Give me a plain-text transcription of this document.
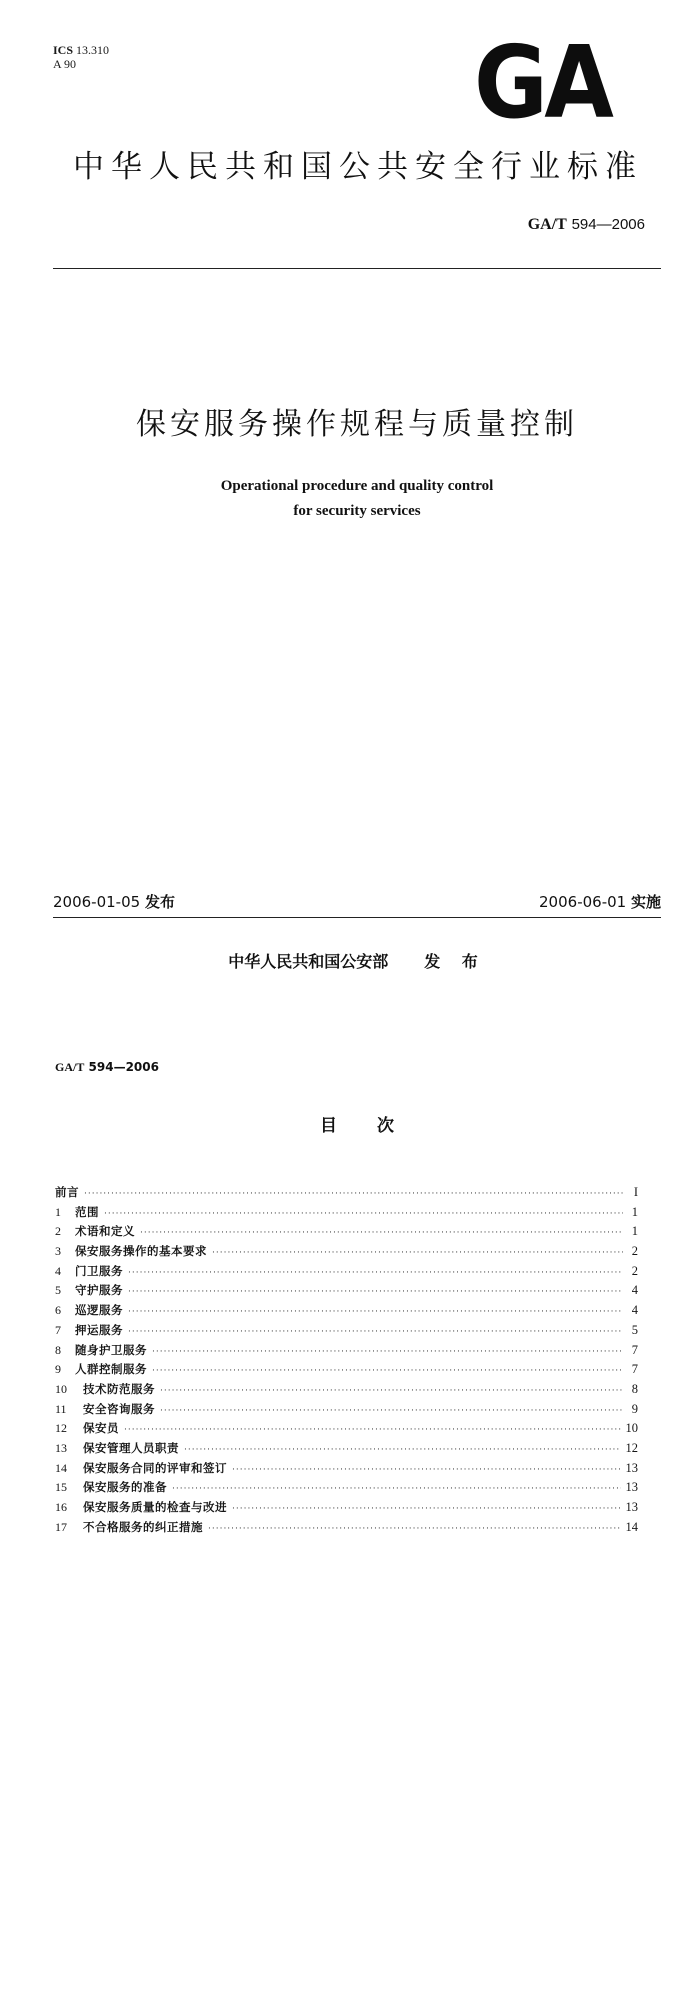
ICS 13.310
A 90	GA
中华人民共和国公共安全行业标准
GA/T 594—2006
保安服务操作规程与质量控制
Operational procedure and quality control
for security services
2006-01-05 发布	2006-06-01 实施
中华人民共和国公安部 发 布
GA/T 594—2006
目次
前言 ·····	I
1	范围 ·····	1
2	术语和定义 ·····	1
3	保安服务操作的基本要求 ·····	2
4	门卫服务 ·····	2
5	守护服务 ·····	4
6	巡逻服务 ·····	4
7	押运服务 ·····	5
8	随身护卫服务 ·····	7
9	人群控制服务 ·····	7
10	技术防范服务 ·····	8
11	安全咨询服务 ·····	9
12	保安员 ·····	10
13	保安管理人员职责 ·····	12
14	保安服务合同的评审和签订 ·····	13
15	保安服务的准备 ·····	13
16	保安服务质量的检查与改进 ·····	13
17	不合格服务的纠正措施 ·····	14
